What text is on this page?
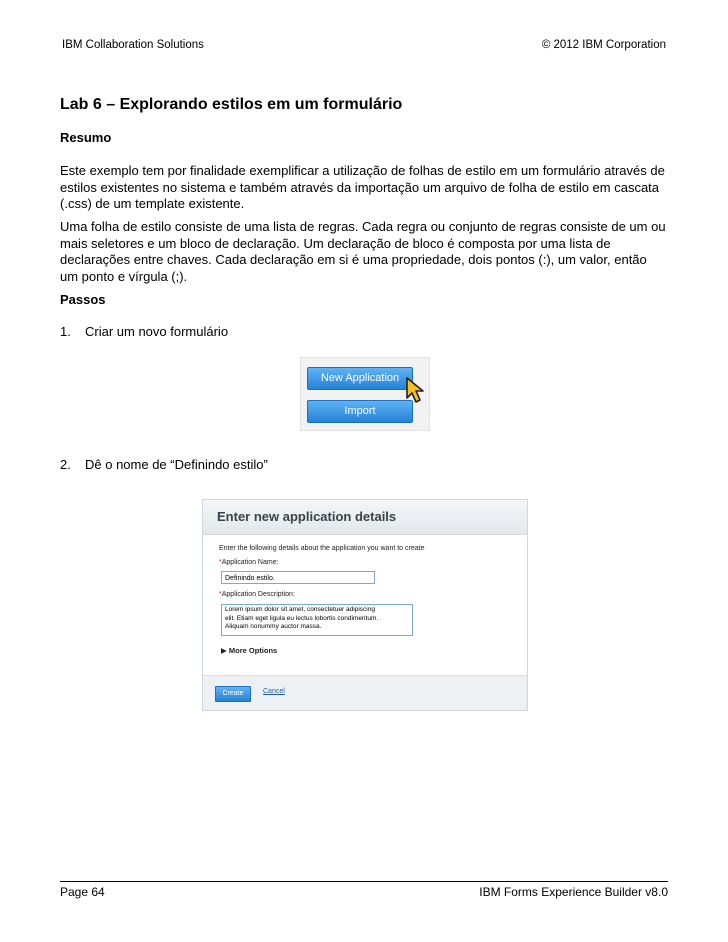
IBM Collaboration Solutions	© 2012 IBM Corporation
Lab 6 – Explorando estilos em um formulário
Resumo

Este exemplo tem por finalidade exemplificar a utilização de folhas de estilo em um formulário através de estilos existentes no sistema e também através da importação um arquivo de folha de estilo em cascata (.css) de um template existente.

Uma folha de estilo consiste de uma lista de regras. Cada regra ou conjunto de regras consiste de um ou mais seletores e um bloco de declaração. Um declaração de bloco é composta por uma lista de declarações entre chaves. Cada declaração em si é uma propriedade, dois pontos (:), um valor, então um ponto e vírgula (;).

Passos
1. Criar um novo formulário
New Application
Import
2. Dê o nome de “Definindo estilo”
Enter new application details
Enter the following details about the application you want to create
*Application Name:
Definindo estilo.
*Application Description:
Lorem ipsum dolor sit amet, consectetuer adipiscing
elit. Etiam eget ligula eu lectus lobortis condimentum.
Aliquam nonummy auctor massa.
▶ More Options
Create	Cancel
Page 64	IBM Forms Experience Builder v8.0
